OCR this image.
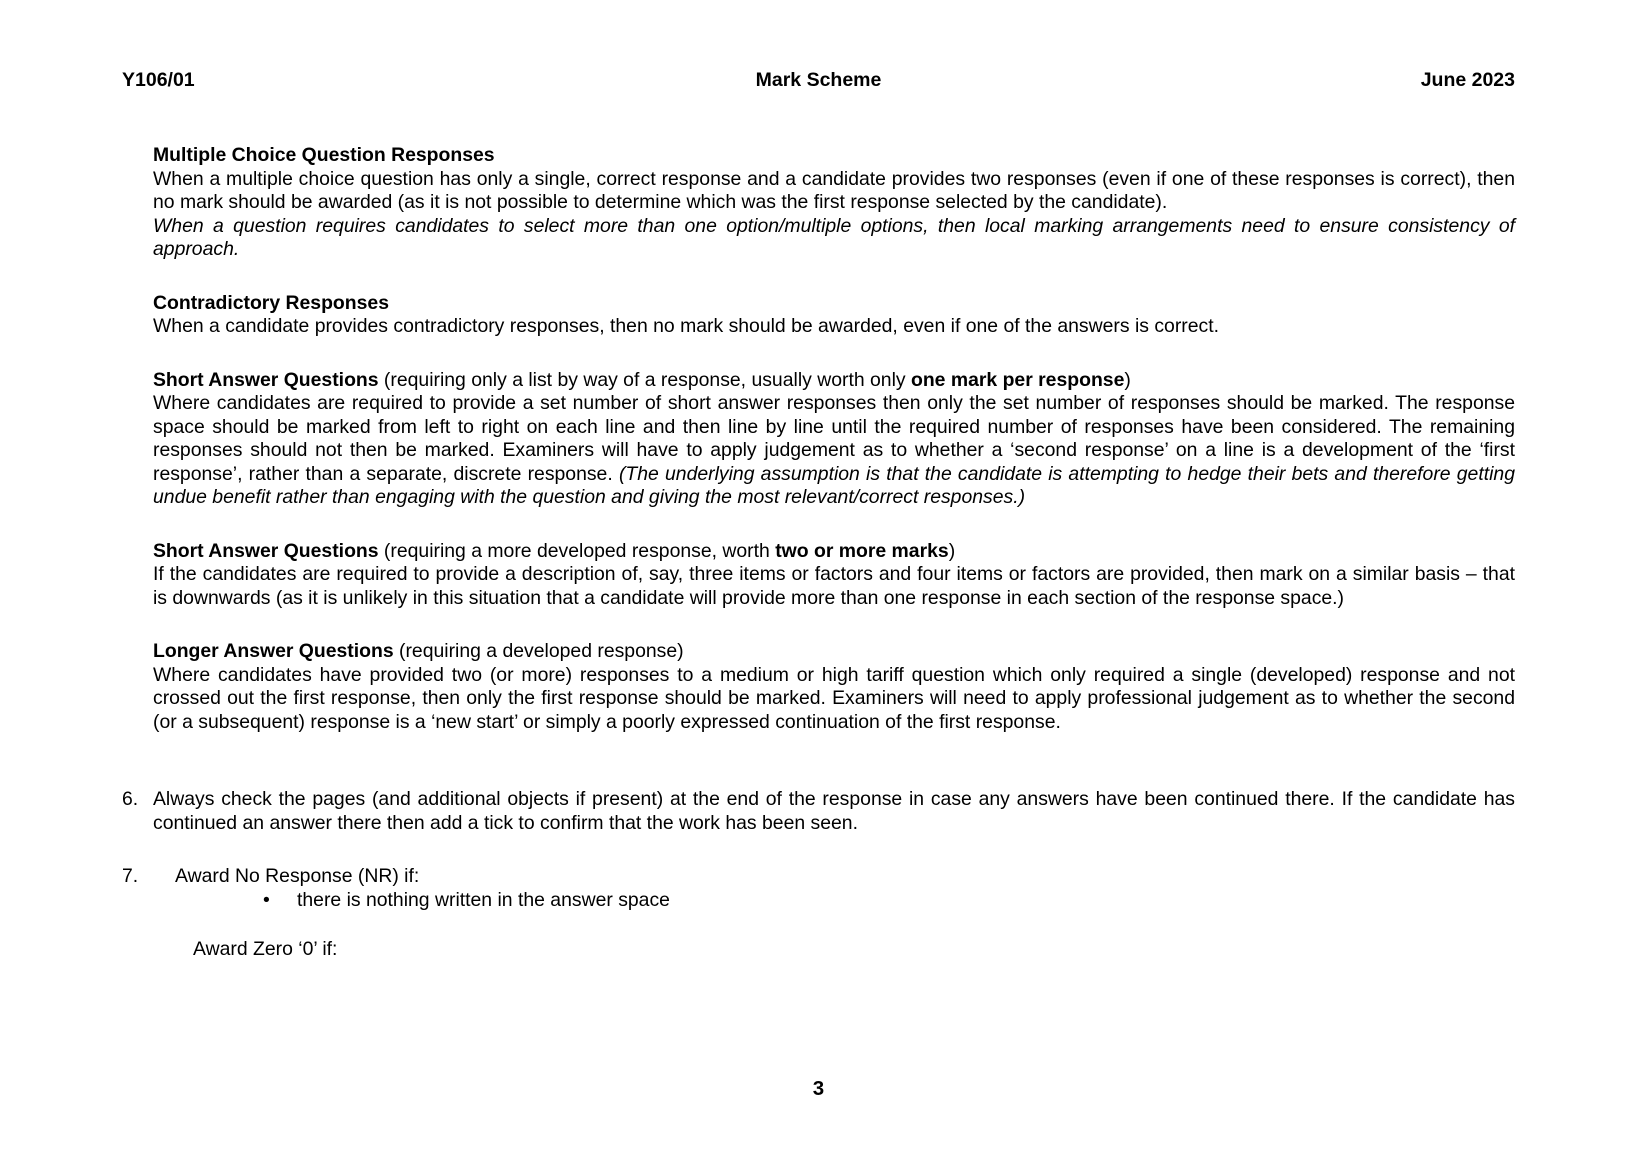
Y106/01	Mark Scheme	June 2023
Multiple Choice Question Responses

When a multiple choice question has only a single, correct response and a candidate provides two responses (even if one of these responses is correct), then no mark should be awarded (as it is not possible to determine which was the first response selected by the candidate).

When a question requires candidates to select more than one option/multiple options, then local marking arrangements need to ensure consistency of approach.

Contradictory Responses

When a candidate provides contradictory responses, then no mark should be awarded, even if one of the answers is correct.

Short Answer Questions (requiring only a list by way of a response, usually worth only one mark per response)

Where candidates are required to provide a set number of short answer responses then only the set number of responses should be marked. The response space should be marked from left to right on each line and then line by line until the required number of responses have been considered. The remaining responses should not then be marked. Examiners will have to apply judgement as to whether a ‘second response’ on a line is a development of the ‘first response’, rather than a separate, discrete response. (The underlying assumption is that the candidate is attempting to hedge their bets and therefore getting undue benefit rather than engaging with the question and giving the most relevant/correct responses.)

Short Answer Questions (requiring a more developed response, worth two or more marks)

If the candidates are required to provide a description of, say, three items or factors and four items or factors are provided, then mark on a similar basis – that is downwards (as it is unlikely in this situation that a candidate will provide more than one response in each section of the response space.)

Longer Answer Questions (requiring a developed response)

Where candidates have provided two (or more) responses to a medium or high tariff question which only required a single (developed) response and not crossed out the first response, then only the first response should be marked. Examiners will need to apply professional judgement as to whether the second (or a subsequent) response is a ‘new start’ or simply a poorly expressed continuation of the first response.

6. Always check the pages (and additional objects if present) at the end of the response in case any answers have been continued there. If the candidate has continued an answer there then add a tick to confirm that the work has been seen.
7.	Award No Response (NR) if:
•	there is nothing written in the answer space

Award Zero ‘0’ if:

3
